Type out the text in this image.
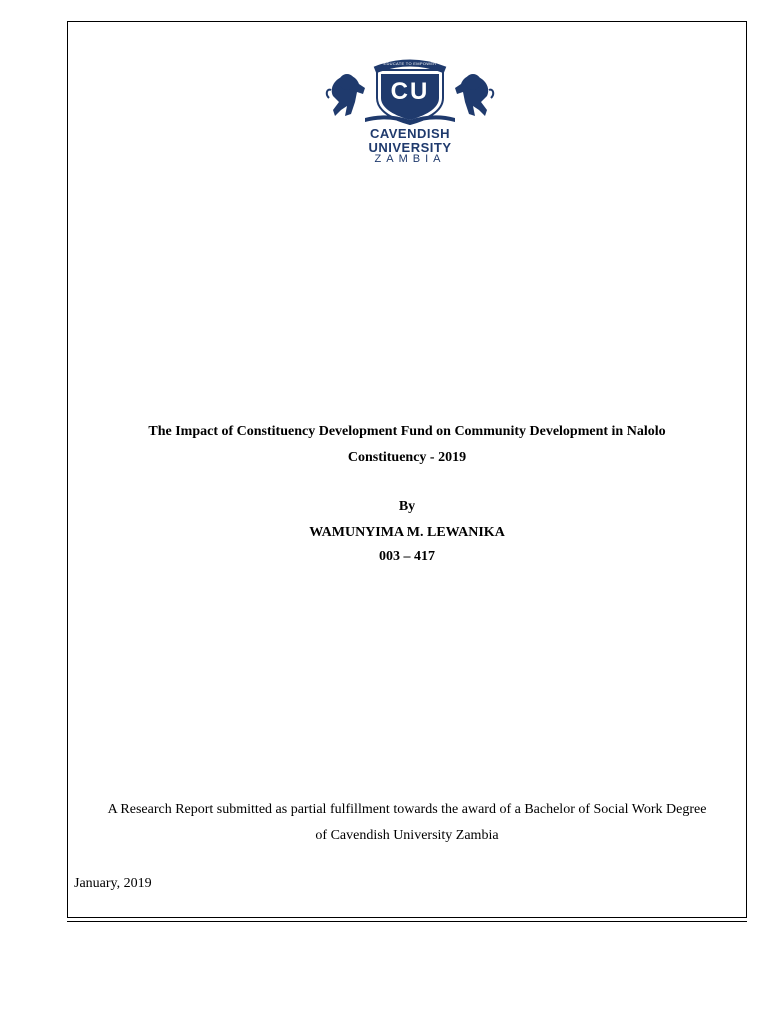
EDUCATE TO EMPOWER
CU
CAVENDISH
UNIVERSITY
ZAMBIA
The Impact of Constituency Development Fund on Community Development in Nalolo
Constituency - 2019
By
WAMUNYIMA M. LEWANIKA
003 – 417
A Research Report submitted as partial fulfillment towards the award of a Bachelor of Social Work Degree
of Cavendish University Zambia
January, 2019
